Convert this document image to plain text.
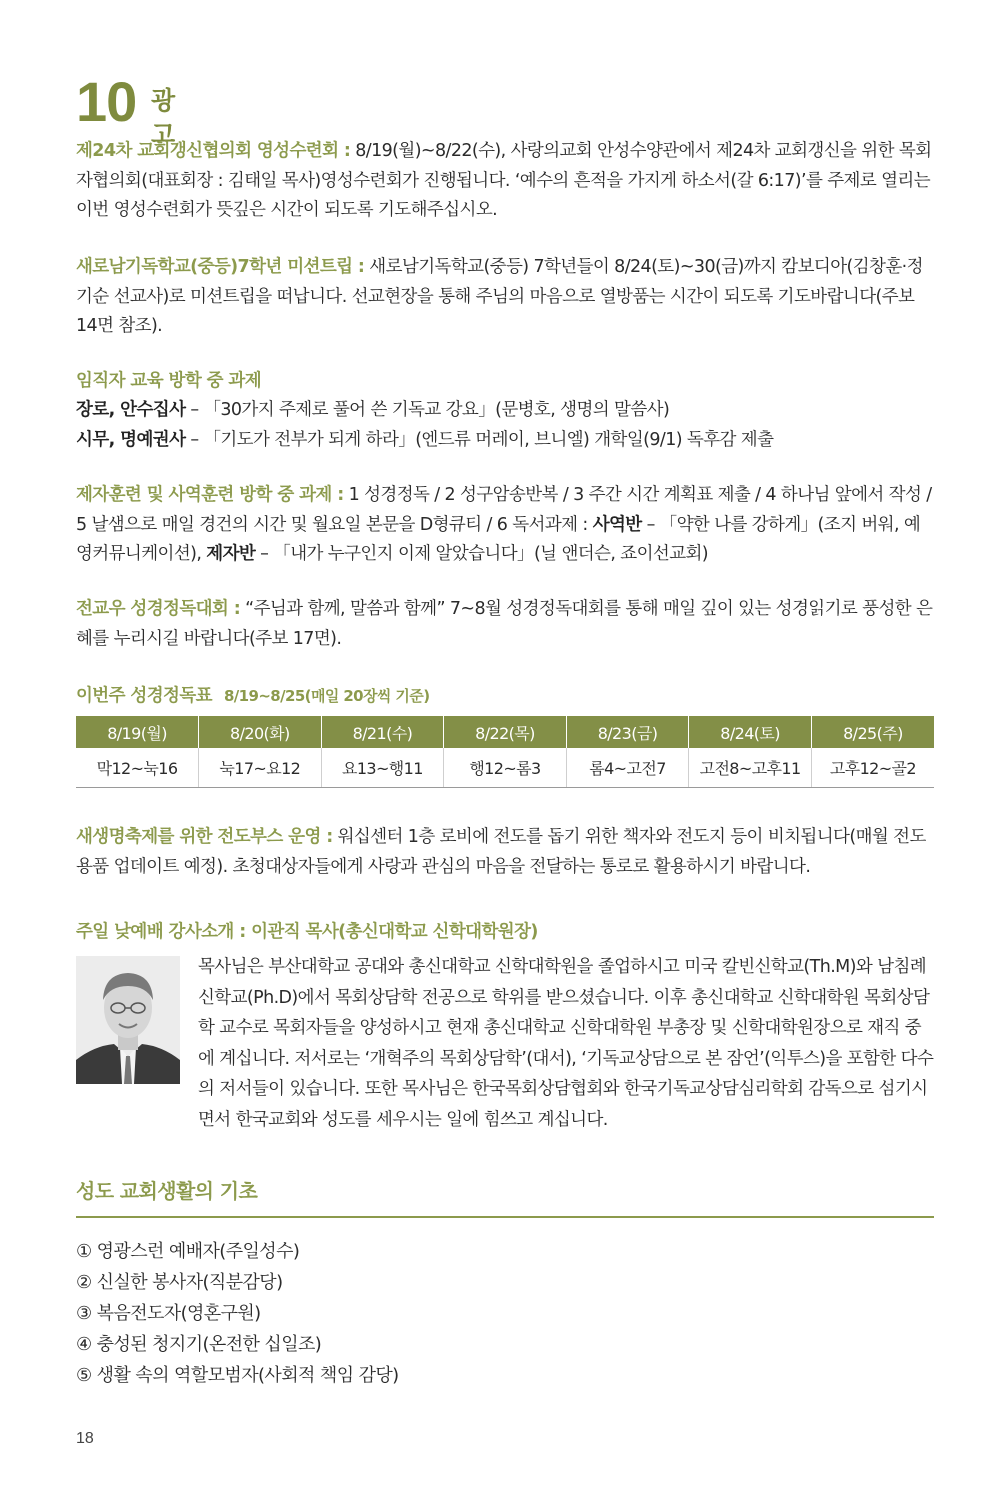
10 광고

제24차 교회갱신협의회 영성수련회 : 8/19(월)~8/22(수), 사랑의교회 안성수양관에서 제24차 교회갱신을 위한 목회자협의회(대표회장 : 김태일 목사)영성수련회가 진행됩니다. ‘예수의 흔적을 가지게 하소서(갈 6:17)’를 주제로 열리는 이번 영성수련회가 뜻깊은 시간이 되도록 기도해주십시오.

새로남기독학교(중등)7학년 미션트립 : 새로남기독학교(중등) 7학년들이 8/24(토)~30(금)까지 캄보디아(김창훈·정기순 선교사)로 미션트립을 떠납니다. 선교현장을 통해 주님의 마음으로 열방품는 시간이 되도록 기도바랍니다(주보14면 참조).

임직자 교육 방학 중 과제

장로, 안수집사 – 「30가지 주제로 풀어 쓴 기독교 강요」(문병호, 생명의 말씀사)
시무, 명예권사 – 「기도가 전부가 되게 하라」(엔드류 머레이, 브니엘) 개학일(9/1) 독후감 제출

제자훈련 및 사역훈련 방학 중 과제 : 1 성경정독 / 2 성구암송반복 / 3 주간 시간 계획표 제출 / 4 하나님 앞에서 작성 / 5 날샘으로 매일 경건의 시간 및 월요일 본문을 D형큐티 / 6 독서과제 : 사역반 – 「약한 나를 강하게」(조지 버워, 예영커뮤니케이션), 제자반 – 「내가 누구인지 이제 알았습니다」(닐 앤더슨, 죠이선교회)

전교우 성경정독대회 : “주님과 함께, 말씀과 함께” 7~8월 성경정독대회를 통해 매일 깊이 있는 성경읽기로 풍성한 은혜를 누리시길 바랍니다(주보 17면).

이번주 성경정독표 8/19~8/25(매일 20장씩 기준)
8/19(월)	8/20(화)	8/21(수)	8/22(목)	8/23(금)	8/24(토)	8/25(주)
막12~눅16	눅17~요12	요13~행11	행12~롬3	롬4~고전7	고전8~고후11	고후12~골2

새생명축제를 위한 전도부스 운영 : 워십센터 1층 로비에 전도를 돕기 위한 책자와 전도지 등이 비치됩니다(매월 전도용품 업데이트 예정). 초청대상자들에게 사랑과 관심의 마음을 전달하는 통로로 활용하시기 바랍니다.

주일 낮예배 강사소개 : 이관직 목사(총신대학교 신학대학원장)

목사님은 부산대학교 공대와 총신대학교 신학대학원을 졸업하시고 미국 칼빈신학교(Th.M)와 남침례신학교(Ph.D)에서 목회상담학 전공으로 학위를 받으셨습니다. 이후 총신대학교 신학대학원 목회상담학 교수로 목회자들을 양성하시고 현재 총신대학교 신학대학원 부총장 및 신학대학원장으로 재직 중에 계십니다. 저서로는 ‘개혁주의 목회상담학’(대서), ‘기독교상담으로 본 잠언’(익투스)을 포함한 다수의 저서들이 있습니다. 또한 목사님은 한국목회상담협회와 한국기독교상담심리학회 감독으로 섬기시면서 한국교회와 성도를 세우시는 일에 힘쓰고 계십니다.

성도 교회생활의 기초
① 영광스런 예배자(주일성수)
② 신실한 봉사자(직분감당)
③ 복음전도자(영혼구원)
④ 충성된 청지기(온전한 십일조)
⑤ 생활 속의 역할모범자(사회적 책임 감당)
18
